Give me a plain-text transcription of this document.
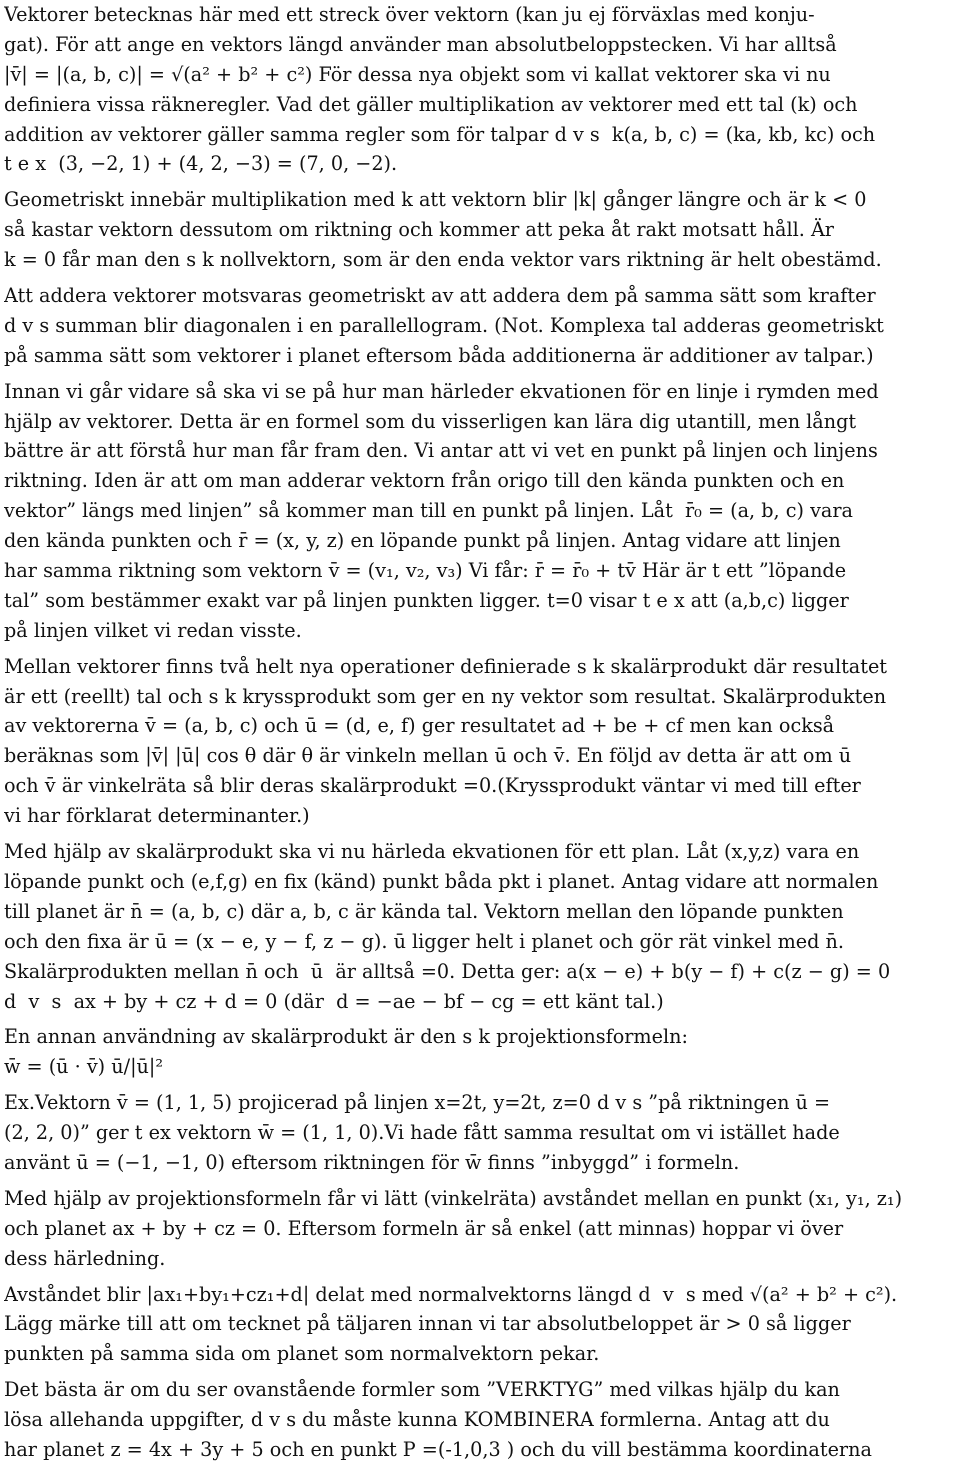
Vektorer betecknas här med ett streck över vektorn (kan ju ej förväxlas med konju-
gat). För att ange en vektors längd använder man absolutbeloppstecken. Vi har alltså
|v̄| = |(a, b, c)| = √(a² + b² + c²) För dessa nya objekt som vi kallat vektorer ska vi nu
definiera vissa räkneregler. Vad det gäller multiplikation av vektorer med ett tal (k) och
addition av vektorer gäller samma regler som för talpar d v s  k(a, b, c) = (ka, kb, kc) och
t e x  (3, −2, 1) + (4, 2, −3) = (7, 0, −2).
Geometriskt innebär multiplikation med k att vektorn blir |k| gånger längre och är k < 0
så kastar vektorn dessutom om riktning och kommer att peka åt rakt motsatt håll. Är
k = 0 får man den s k nollvektorn, som är den enda vektor vars riktning är helt obestämd.
Att addera vektorer motsvaras geometriskt av att addera dem på samma sätt som krafter
d v s summan blir diagonalen i en parallellogram. (Not. Komplexa tal adderas geometriskt
på samma sätt som vektorer i planet eftersom båda additionerna är additioner av talpar.)
Innan vi går vidare så ska vi se på hur man härleder ekvationen för en linje i rymden med
hjälp av vektorer. Detta är en formel som du visserligen kan lära dig utantill, men långt
bättre är att förstå hur man får fram den. Vi antar att vi vet en punkt på linjen och linjens
riktning. Iden är att om man adderar vektorn från origo till den kända punkten och en
vektor” längs med linjen” så kommer man till en punkt på linjen. Låt  r̄₀ = (a, b, c) vara
den kända punkten och r̄ = (x, y, z) en löpande punkt på linjen. Antag vidare att linjen
har samma riktning som vektorn v̄ = (v₁, v₂, v₃) Vi får: r̄ = r̄₀ + tv̄ Här är t ett ”löpande
tal” som bestämmer exakt var på linjen punkten ligger. t=0 visar t e x att (a,b,c) ligger
på linjen vilket vi redan visste.
Mellan vektorer finns två helt nya operationer definierade s k skalärprodukt där resultatet
är ett (reellt) tal och s k kryssprodukt som ger en ny vektor som resultat. Skalärprodukten
av vektorerna v̄ = (a, b, c) och ū = (d, e, f) ger resultatet ad + be + cf men kan också
beräknas som |v̄| |ū| cos θ där θ är vinkeln mellan ū och v̄. En följd av detta är att om ū
och v̄ är vinkelräta så blir deras skalärprodukt =0.(Kryssprodukt väntar vi med till efter
vi har förklarat determinanter.)
Med hjälp av skalärprodukt ska vi nu härleda ekvationen för ett plan. Låt (x,y,z) vara en
löpande punkt och (e,f,g) en fix (känd) punkt båda pkt i planet. Antag vidare att normalen
till planet är n̄ = (a, b, c) där a, b, c är kända tal. Vektorn mellan den löpande punkten
och den fixa är ū = (x − e, y − f, z − g). ū ligger helt i planet och gör rät vinkel med n̄.
Skalärprodukten mellan n̄ och  ū  är alltså =0. Detta ger: a(x − e) + b(y − f) + c(z − g) = 0
d  v  s  ax + by + cz + d = 0 (där  d = −ae − bf − cg = ett känt tal.)
En annan användning av skalärprodukt är den s k projektionsformeln:
w̄ = (ū · v̄) ū/|ū|²
Ex.Vektorn v̄ = (1, 1, 5) projicerad på linjen x=2t, y=2t, z=0 d v s ”på riktningen ū =
(2, 2, 0)” ger t ex vektorn w̄ = (1, 1, 0).Vi hade fått samma resultat om vi istället hade
använt ū = (−1, −1, 0) eftersom riktningen för w̄ finns ”inbyggd” i formeln.
Med hjälp av projektionsformeln får vi lätt (vinkelräta) avståndet mellan en punkt (x₁, y₁, z₁)
och planet ax + by + cz = 0. Eftersom formeln är så enkel (att minnas) hoppar vi över
dess härledning.
Avståndet blir |ax₁+by₁+cz₁+d| delat med normalvektorns längd d  v  s med √(a² + b² + c²).
Lägg märke till att om tecknet på täljaren innan vi tar absolutbeloppet är > 0 så ligger
punkten på samma sida om planet som normalvektorn pekar.
Det bästa är om du ser ovanstående formler som ”VERKTYG” med vilkas hjälp du kan
lösa allehanda uppgifter, d v s du måste kunna KOMBINERA formlerna. Antag att du
har planet z = 4x + 3y + 5 och en punkt P =(-1,0,3 ) och du vill bestämma koordinaterna
